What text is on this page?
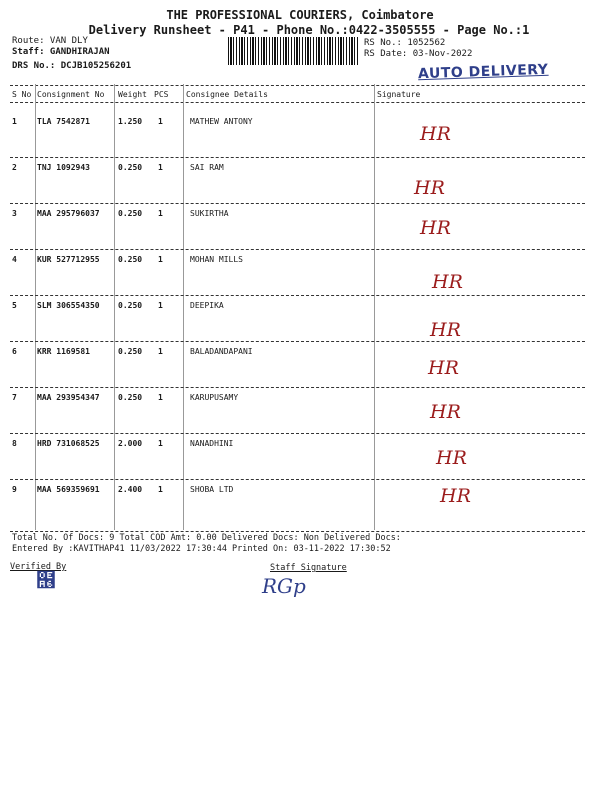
THE PROFESSIONAL COURIERS, Coimbatore
Delivery Runsheet - P41 - Phone No.:0422-3505555 - Page No.:1
Route: VAN DLY
Staff: GANDHIRAJAN
DRS No.: DCJB105256201
RS No.: 1052562
RS Date: 03-Nov-2022
AUTO DELIVERY
S No Consignment No Weight PCS Consignee Details	Signature
1	TLA 7542871	1.250 1	MATHEW ANTONY
HR
2	TNJ 1092943	0.250 1	SAI RAM
HR
3	MAA 295796037 0.250 1	SUKIRTHA
HR
4	KUR 527712955 0.250 1	MOHAN MILLS
HR
5	SLM 306554350 0.250 1	DEEPIKA
HR
6	KRR 1169581	0.250 1	BALADANDAPANI
HR
7	MAA 293954347 0.250 1	KARUPUSAMY
HR
8	HRD 731068525 2.000 1	NANADHINI
HR
9	MAA 569359691 2.400 1	SHOBA LTD	HR
Total No. Of Docs: 9 Total COD Amt: 0.00 Delivered Docs: Non Delivered Docs:
Entered By :KAVITHAP41 11/03/2022 17:30:44 Printed On: 03-11-2022 17:30:52
Verified By
຦	Staff Signature
RGp
